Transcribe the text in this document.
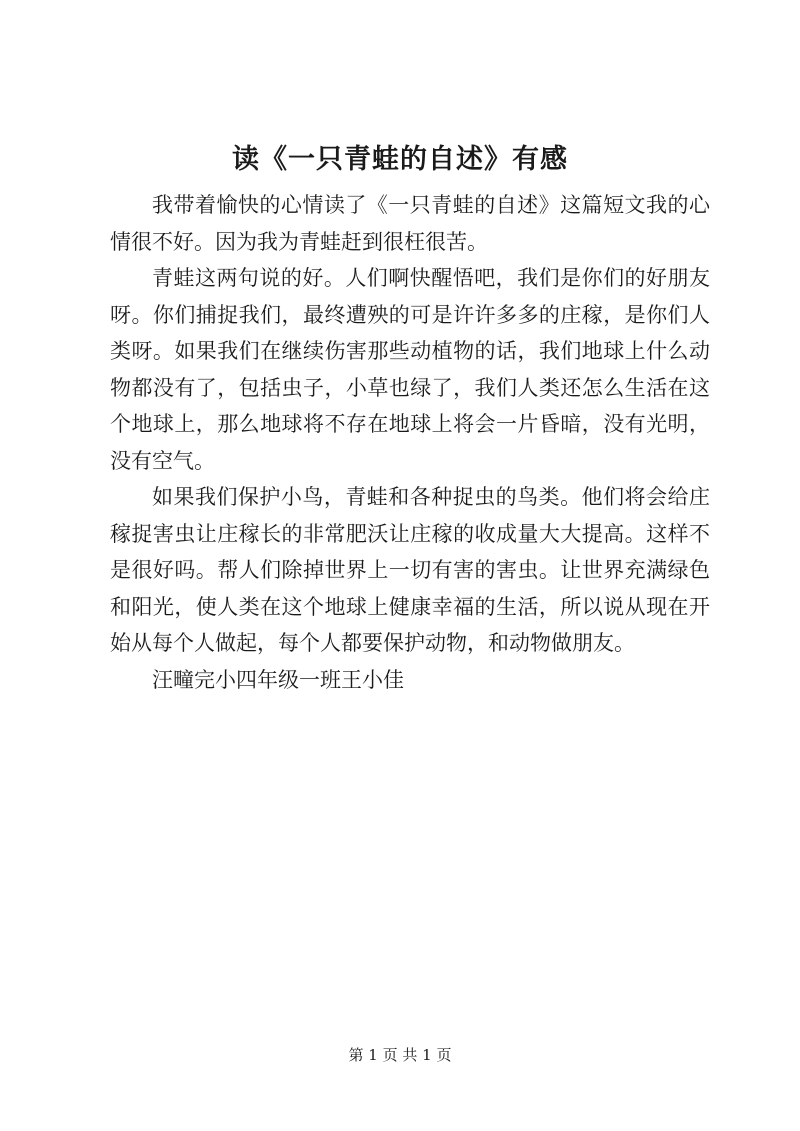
读《一只青蛙的自述》有感

我带着愉快的心情读了《一只青蛙的自述》这篇短文我的心情很不好。因为我为青蛙赶到很枉很苦。

青蛙这两句说的好。人们啊快醒悟吧，我们是你们的好朋友呀。你们捕捉我们，最终遭殃的可是许许多多的庄稼，是你们人类呀。如果我们在继续伤害那些动植物的话，我们地球上什么动物都没有了，包括虫子，小草也绿了，我们人类还怎么生活在这个地球上，那么地球将不存在地球上将会一片昏暗，没有光明，没有空气。

如果我们保护小鸟，青蛙和各种捉虫的鸟类。他们将会给庄稼捉害虫让庄稼长的非常肥沃让庄稼的收成量大大提高。这样不是很好吗。帮人们除掉世界上一切有害的害虫。让世界充满绿色和阳光，使人类在这个地球上健康幸福的生活，所以说从现在开始从每个人做起，每个人都要保护动物，和动物做朋友。

汪疃完小四年级一班王小佳

第 1 页 共 1 页
